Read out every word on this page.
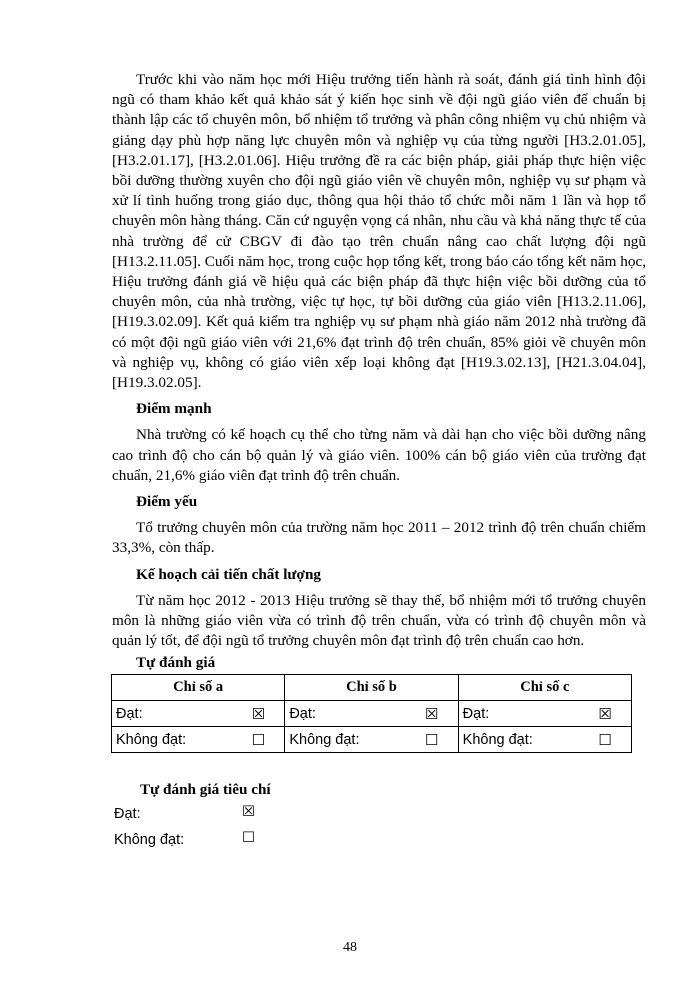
Trước khi vào năm học mới Hiệu trưởng tiến hành rà soát, đánh giá tình hình đội ngũ có tham khảo kết quả khảo sát ý kiến học sinh về đội ngũ giáo viên để chuẩn bị thành lập các tổ chuyên môn, bổ nhiệm tổ trưởng và phân công nhiệm vụ chủ nhiệm và giảng dạy phù hợp năng lực chuyên môn và nghiệp vụ của từng người [H3.2.01.05], [H3.2.01.17], [H3.2.01.06]. Hiệu trưởng đề ra các biện pháp, giải pháp thực hiện việc bồi dưỡng thường xuyên cho đội ngũ giáo viên về chuyên môn, nghiệp vụ sư phạm và xử lí tình huống trong giáo dục, thông qua hội thảo tổ chức mỗi năm 1 lần và họp tổ chuyên môn hàng tháng. Căn cứ nguyện vọng cá nhân, nhu cầu và khả năng thực tế của nhà trường để cử CBGV đi đào tạo trên chuẩn nâng cao chất lượng đội ngũ [H13.2.11.05]. Cuối năm học, trong cuộc họp tổng kết, trong báo cáo tổng kết năm học, Hiệu trưởng đánh giá về hiệu quả các biện pháp đã thực hiện việc bồi dưỡng của tổ chuyên môn, của nhà trường, việc tự học, tự bồi dưỡng của giáo viên [H13.2.11.06], [H19.3.02.09]. Kết quả kiểm tra nghiệp vụ sư phạm nhà giáo năm 2012 nhà trường đã có một đội ngũ giáo viên với 21,6% đạt trình độ trên chuẩn, 85% giỏi về chuyên môn và nghiệp vụ, không có giáo viên xếp loại không đạt [H19.3.02.13], [H21.3.04.04], [H19.3.02.05].

Điểm mạnh

Nhà trường có kế hoạch cụ thể cho từng năm và dài hạn cho việc bồi dưỡng nâng cao trình độ cho cán bộ quản lý và giáo viên. 100% cán bộ giáo viên của trường đạt chuẩn, 21,6% giáo viên đạt trình độ trên chuẩn.

Điểm yếu

Tổ trưởng chuyên môn của trường năm học 2011 – 2012 trình độ trên chuẩn chiếm 33,3%, còn thấp.

Kế hoạch cải tiến chất lượng

Từ năm học 2012 - 2013 Hiệu trưởng sẽ thay thế, bổ nhiệm mới tổ trưởng chuyên môn là những giáo viên vừa có trình độ trên chuẩn, vừa có trình độ chuyên môn và quản lý tốt, để đội ngũ tổ trưởng chuyên môn đạt trình độ trên chuẩn cao hơn.

Tự đánh giá
Chỉ số a		Chỉ số b		Chỉ số c	
Đạt:	☒	Đạt:	☒	Đạt:	☒
Không đạt:	☐	Không đạt:	☐	Không đạt:	☐
Tự đánh giá tiêu chí
Đạt:	☒
Không đạt:	☐
48
